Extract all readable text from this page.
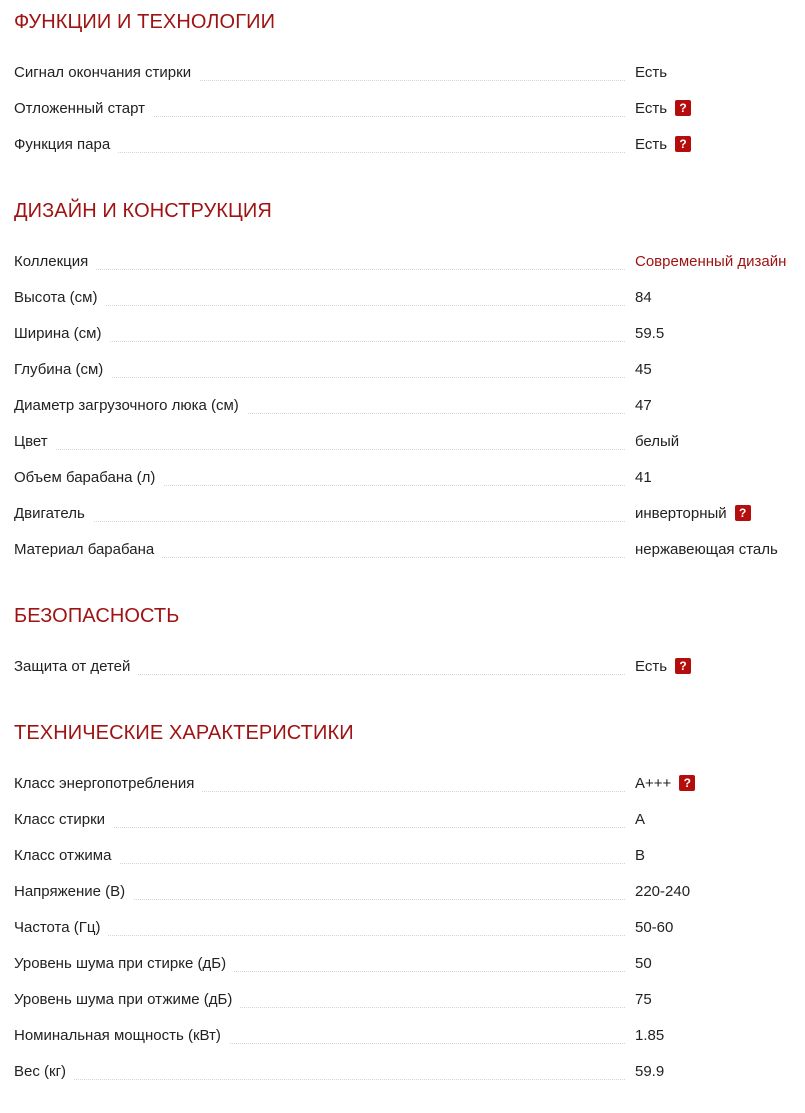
ФУНКЦИИ И ТЕХНОЛОГИИ
Сигнал окончания стирки	Есть
Отложенный старт	Есть ?
Функция пара	Есть ?
ДИЗАЙН И КОНСТРУКЦИЯ
Коллекция	Современный дизайн
Высота (см)	84
Ширина (см)	59.5
Глубина (см)	45
Диаметр загрузочного люка (см)	47
Цвет	белый
Объем барабана (л)	41
Двигатель	инверторный ?
Материал барабана	нержавеющая сталь
БЕЗОПАСНОСТЬ
Защита от детей	Есть ?
ТЕХНИЧЕСКИЕ ХАРАКТЕРИСТИКИ
Класс энергопотребления	A+++ ?
Класс стирки	A
Класс отжима	B
Напряжение (В)	220-240
Частота (Гц)	50-60
Уровень шума при стирке (дБ)	50
Уровень шума при отжиме (дБ)	75
Номинальная мощность (кВт)	1.85
Вес (кг)	59.9
